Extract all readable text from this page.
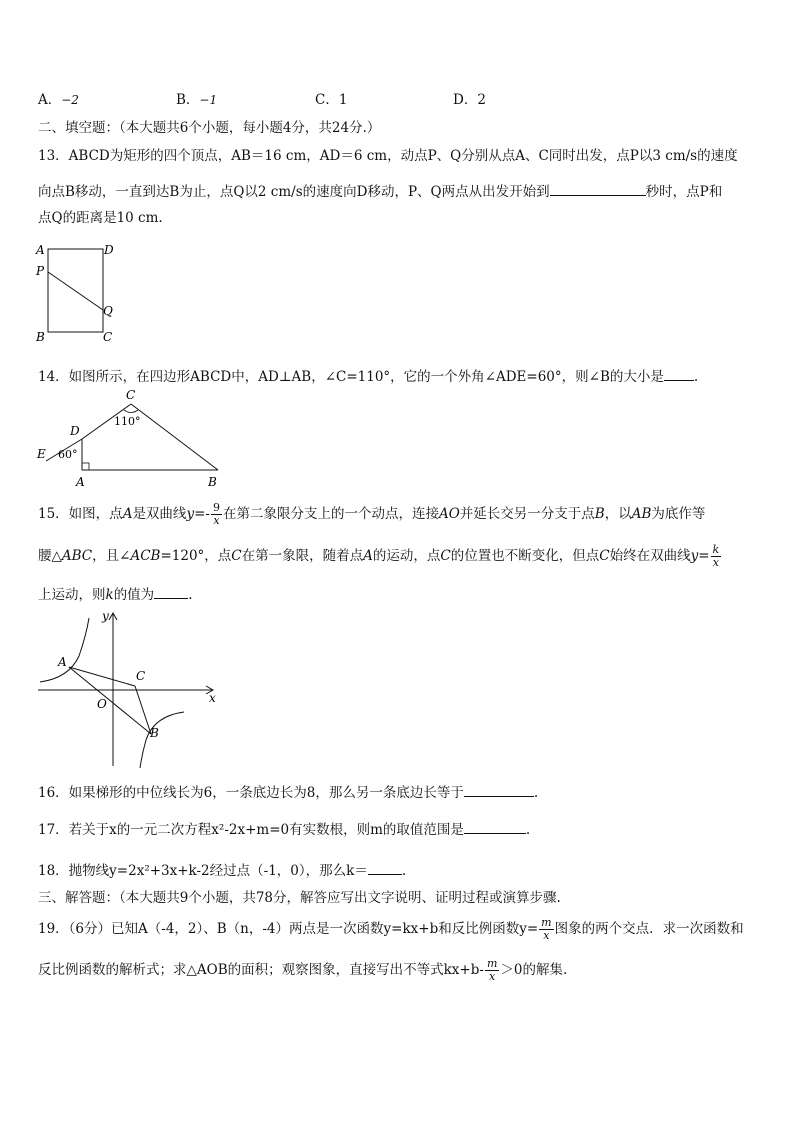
A．−2	B．−1	C．1	D．2
二、填空题：（本大题共6个小题，每小题4分，共24分.）
13．ABCD为矩形的四个顶点，AB＝16 cm，AD＝6 cm，动点P、Q分别从点A、C同时出发，点P以3 cm/s的速度
向点B移动，一直到达B为止，点Q以2 cm/s的速度向D移动，P、Q两点从出发开始到	秒时，点P和
点Q的距离是10 cm.
A	D
P
Q
B	C
14．如图所示，在四边形ABCD中，AD⊥AB，∠C=110°，它的一个外角∠ADE=60°，则∠B的大小是 .
C
110°
D
E 60°
A	B
15．如图，点A是双曲线$y=- \frac{9}{x}$ 在第二象限分支上的一个动点，连接AO并延长交另一分支于点B，以AB为底作等
腰△ABC，且∠ACB=120°，点C在第一象限，随着点A的运动，点C的位置也不断变化，但点C始终在双曲线$y= \frac{k}{x}$
上运动，则k的值为	.
y
x
A
C
O
B
16．如果梯形的中位线长为6，一条底边长为8，那么另一条底边长等于	.
17．若关于x的一元二次方程x²-2x+m=0有实数根，则m的取值范围是	.
18．抛物线y=2x²+3x+k-2经过点（-1，0），那么k＝	.
三、解答题：（本大题共9个小题，共78分，解答应写出文字说明、证明过程或演算步骤.
19．（6分）已知A（-4，2）、B（n，-4）两点是一次函数y=kx+b和反比例函数$y= \frac{m}{x}$ 图象的两个交点．求一次函数和
反比例函数的解析式；求△AOB的面积；观察图象，直接写出不等式$kx+b- \frac{m}{x} >0$的解集.
